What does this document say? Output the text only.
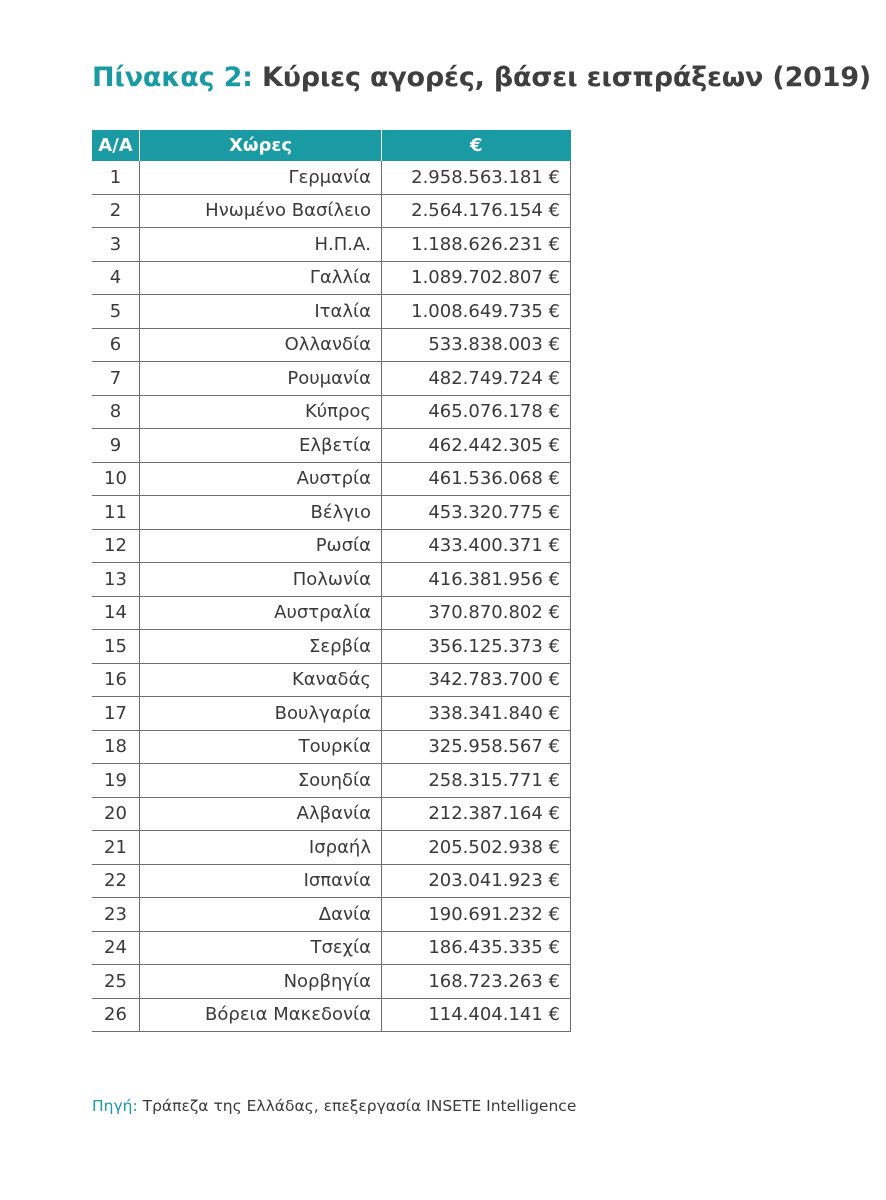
Πίνακας 2: Κύριες αγορές, βάσει εισπράξεων (2019)
Α/Α	Χώρες	€
1	Γερμανία	2.958.563.181 €
2	Ηνωμένο Βασίλειο	2.564.176.154 €
3	Η.Π.Α.	1.188.626.231 €
4	Γαλλία	1.089.702.807 €
5	Ιταλία	1.008.649.735 €
6	Ολλανδία	533.838.003 €
7	Ρουμανία	482.749.724 €
8	Κύπρος	465.076.178 €
9	Ελβετία	462.442.305 €
10	Αυστρία	461.536.068 €
11	Βέλγιο	453.320.775 €
12	Ρωσία	433.400.371 €
13	Πολωνία	416.381.956 €
14	Αυστραλία	370.870.802 €
15	Σερβία	356.125.373 €
16	Καναδάς	342.783.700 €
17	Βουλγαρία	338.341.840 €
18	Τουρκία	325.958.567 €
19	Σουηδία	258.315.771 €
20	Αλβανία	212.387.164 €
21	Ισραήλ	205.502.938 €
22	Ισπανία	203.041.923 €
23	Δανία	190.691.232 €
24	Τσεχία	186.435.335 €
25	Νορβηγία	168.723.263 €
26	Βόρεια Μακεδονία	114.404.141 €
Πηγή: Τράπεζα της Ελλάδας, επεξεργασία INSETE Intelligence
